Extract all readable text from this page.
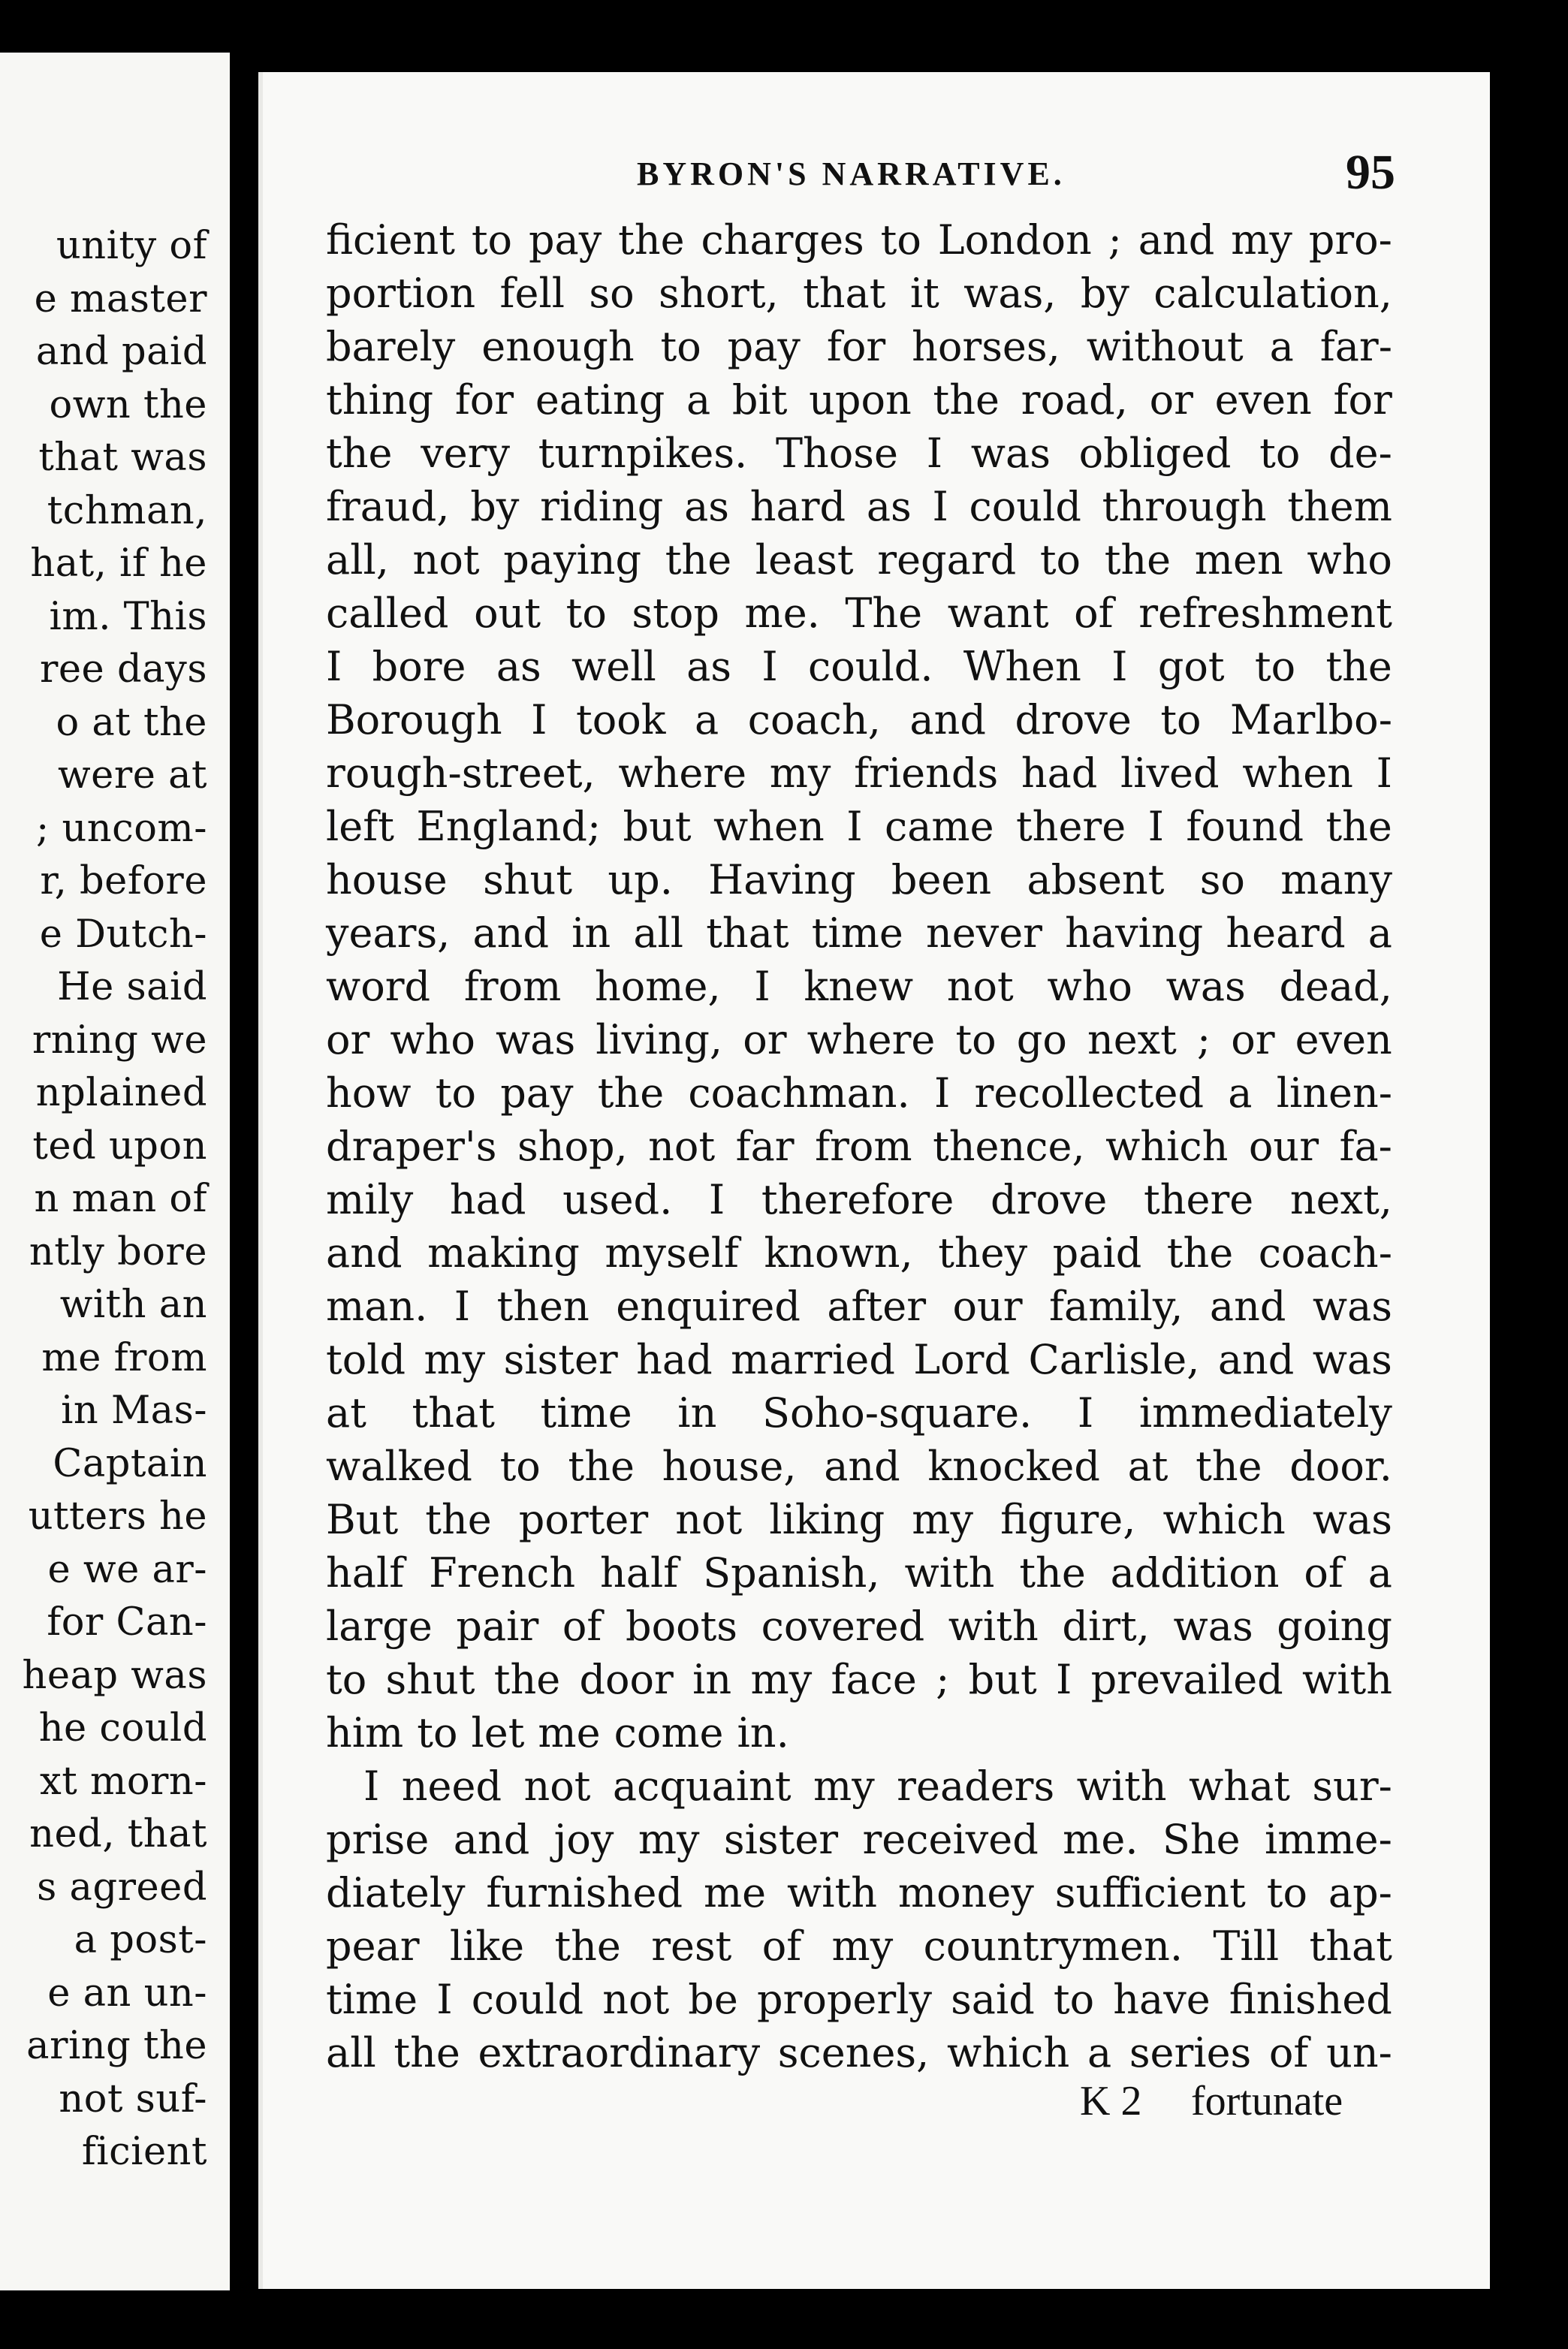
unity of
e master
and paid
own the
that was
tchman,
hat, if he
im. This
ree days
o at the
were at
; uncom-
r, before
e Dutch-
He said
rning we
nplained
ted upon
n man of
ntly bore
with an
me from
in Mas-
Captain
utters he
e we ar-
for Can-
heap was
he could
xt morn-
ned, that
s agreed
a post-
e an un-
aring the
not suf-
ficient
BYRON'S NARRATIVE.	95
ficient to pay the charges to London ; and my pro-
portion fell so short, that it was, by calculation,
barely enough to pay for horses, without a far-
thing for eating a bit upon the road, or even for
the very turnpikes. Those I was obliged to de-
fraud, by riding as hard as I could through them
all, not paying the least regard to the men who
called out to stop me. The want of refreshment
I bore as well as I could. When I got to the
Borough I took a coach, and drove to Marlbo-
rough-street, where my friends had lived when I
left England; but when I came there I found the
house shut up. Having been absent so many
years, and in all that time never having heard a
word from home, I knew not who was dead,
or who was living, or where to go next ; or even
how to pay the coachman. I recollected a linen-
draper's shop, not far from thence, which our fa-
mily had used. I therefore drove there next,
and making myself known, they paid the coach-
man. I then enquired after our family, and was
told my sister had married Lord Carlisle, and was
at that time in Soho-square. I immediately
walked to the house, and knocked at the door.
But the porter not liking my figure, which was
half French half Spanish, with the addition of a
large pair of boots covered with dirt, was going
to shut the door in my face ; but I prevailed with
him to let me come in.
I need not acquaint my readers with what sur-
prise and joy my sister received me. She imme-
diately furnished me with money sufficient to ap-
pear like the rest of my countrymen. Till that
time I could not be properly said to have finished
all the extraordinary scenes, which a series of un-
K 2 fortunate
